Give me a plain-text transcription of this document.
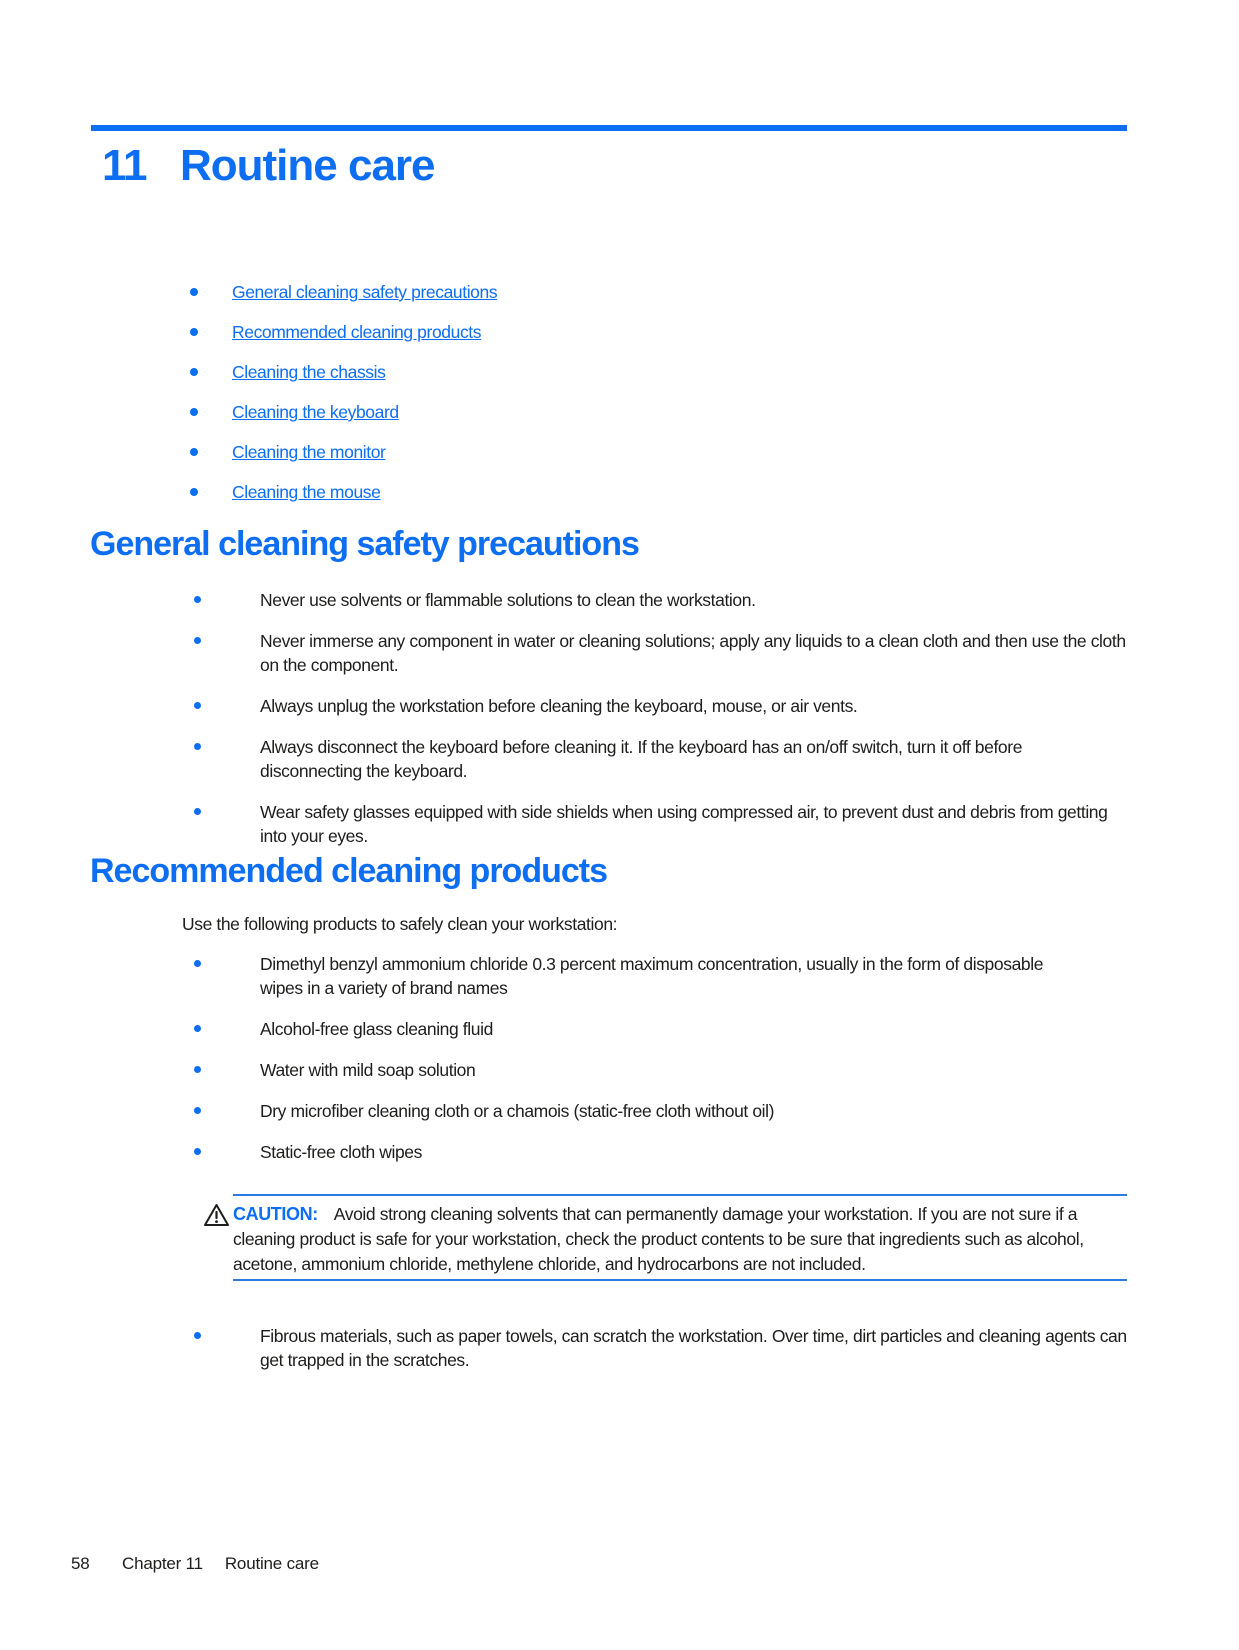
11 Routine care
General cleaning safety precautions
Recommended cleaning products
Cleaning the chassis
Cleaning the keyboard
Cleaning the monitor
Cleaning the mouse
General cleaning safety precautions
Never use solvents or flammable solutions to clean the workstation.
Never immerse any component in water or cleaning solutions; apply any liquids to a clean cloth and then use the cloth on the component.
Always unplug the workstation before cleaning the keyboard, mouse, or air vents.
Always disconnect the keyboard before cleaning it. If the keyboard has an on/off switch, turn it off before disconnecting the keyboard.
Wear safety glasses equipped with side shields when using compressed air, to prevent dust and debris from getting into your eyes.
Recommended cleaning products

Use the following products to safely clean your workstation:

Dimethyl benzyl ammonium chloride 0.3 percent maximum concentration, usually in the form of disposable wipes in a variety of brand names
Alcohol-free glass cleaning fluid
Water with mild soap solution
Dry microfiber cleaning cloth or a chamois (static-free cloth without oil)
Static-free cloth wipes

CAUTION: Avoid strong cleaning solvents that can permanently damage your workstation. If you are not sure if a cleaning product is safe for your workstation, check the product contents to be sure that ingredients such as alcohol, acetone, ammonium chloride, methylene chloride, and hydrocarbons are not included.

Fibrous materials, such as paper towels, can scratch the workstation. Over time, dirt particles and cleaning agents can get trapped in the scratches.
58 Chapter 11 Routine care
